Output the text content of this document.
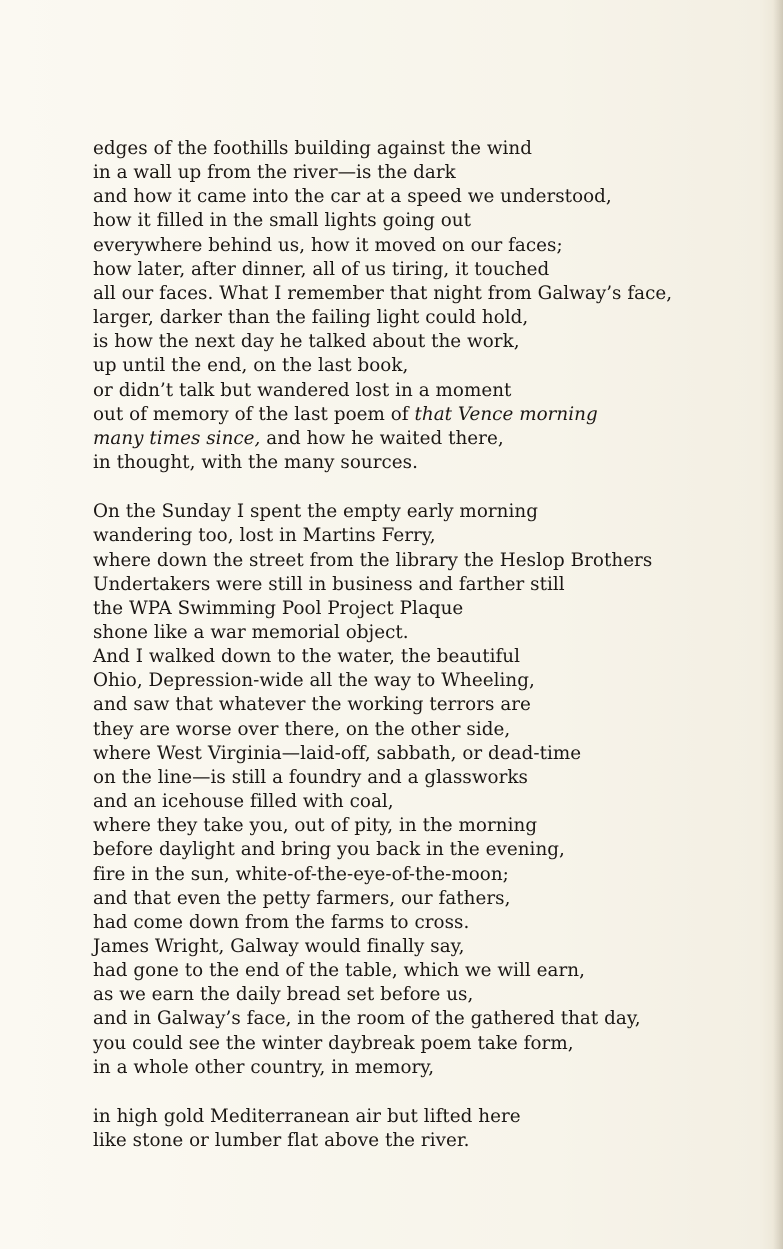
edges of the foothills building against the wind
in a wall up from the river—is the dark
and how it came into the car at a speed we understood,
how it filled in the small lights going out
everywhere behind us, how it moved on our faces;
how later, after dinner, all of us tiring, it touched
all our faces. What I remember that night from Galway’s face,
larger, darker than the failing light could hold,
is how the next day he talked about the work,
up until the end, on the last book,
or didn’t talk but wandered lost in a moment
out of memory of the last poem of that Vence morning
many times since, and how he waited there,
in thought, with the many sources.
On the Sunday I spent the empty early morning
wandering too, lost in Martins Ferry,
where down the street from the library the Heslop Brothers
Undertakers were still in business and farther still
the WPA Swimming Pool Project Plaque
shone like a war memorial object.
And I walked down to the water, the beautiful
Ohio, Depression-wide all the way to Wheeling,
and saw that whatever the working terrors are
they are worse over there, on the other side,
where West Virginia—laid-off, sabbath, or dead-time
on the line—is still a foundry and a glassworks
and an icehouse filled with coal,
where they take you, out of pity, in the morning
before daylight and bring you back in the evening,
fire in the sun, white-of-the-eye-of-the-moon;
and that even the petty farmers, our fathers,
had come down from the farms to cross.
James Wright, Galway would finally say,
had gone to the end of the table, which we will earn,
as we earn the daily bread set before us,
and in Galway’s face, in the room of the gathered that day,
you could see the winter daybreak poem take form,
in a whole other country, in memory,
in high gold Mediterranean air but lifted here
like stone or lumber flat above the river.
